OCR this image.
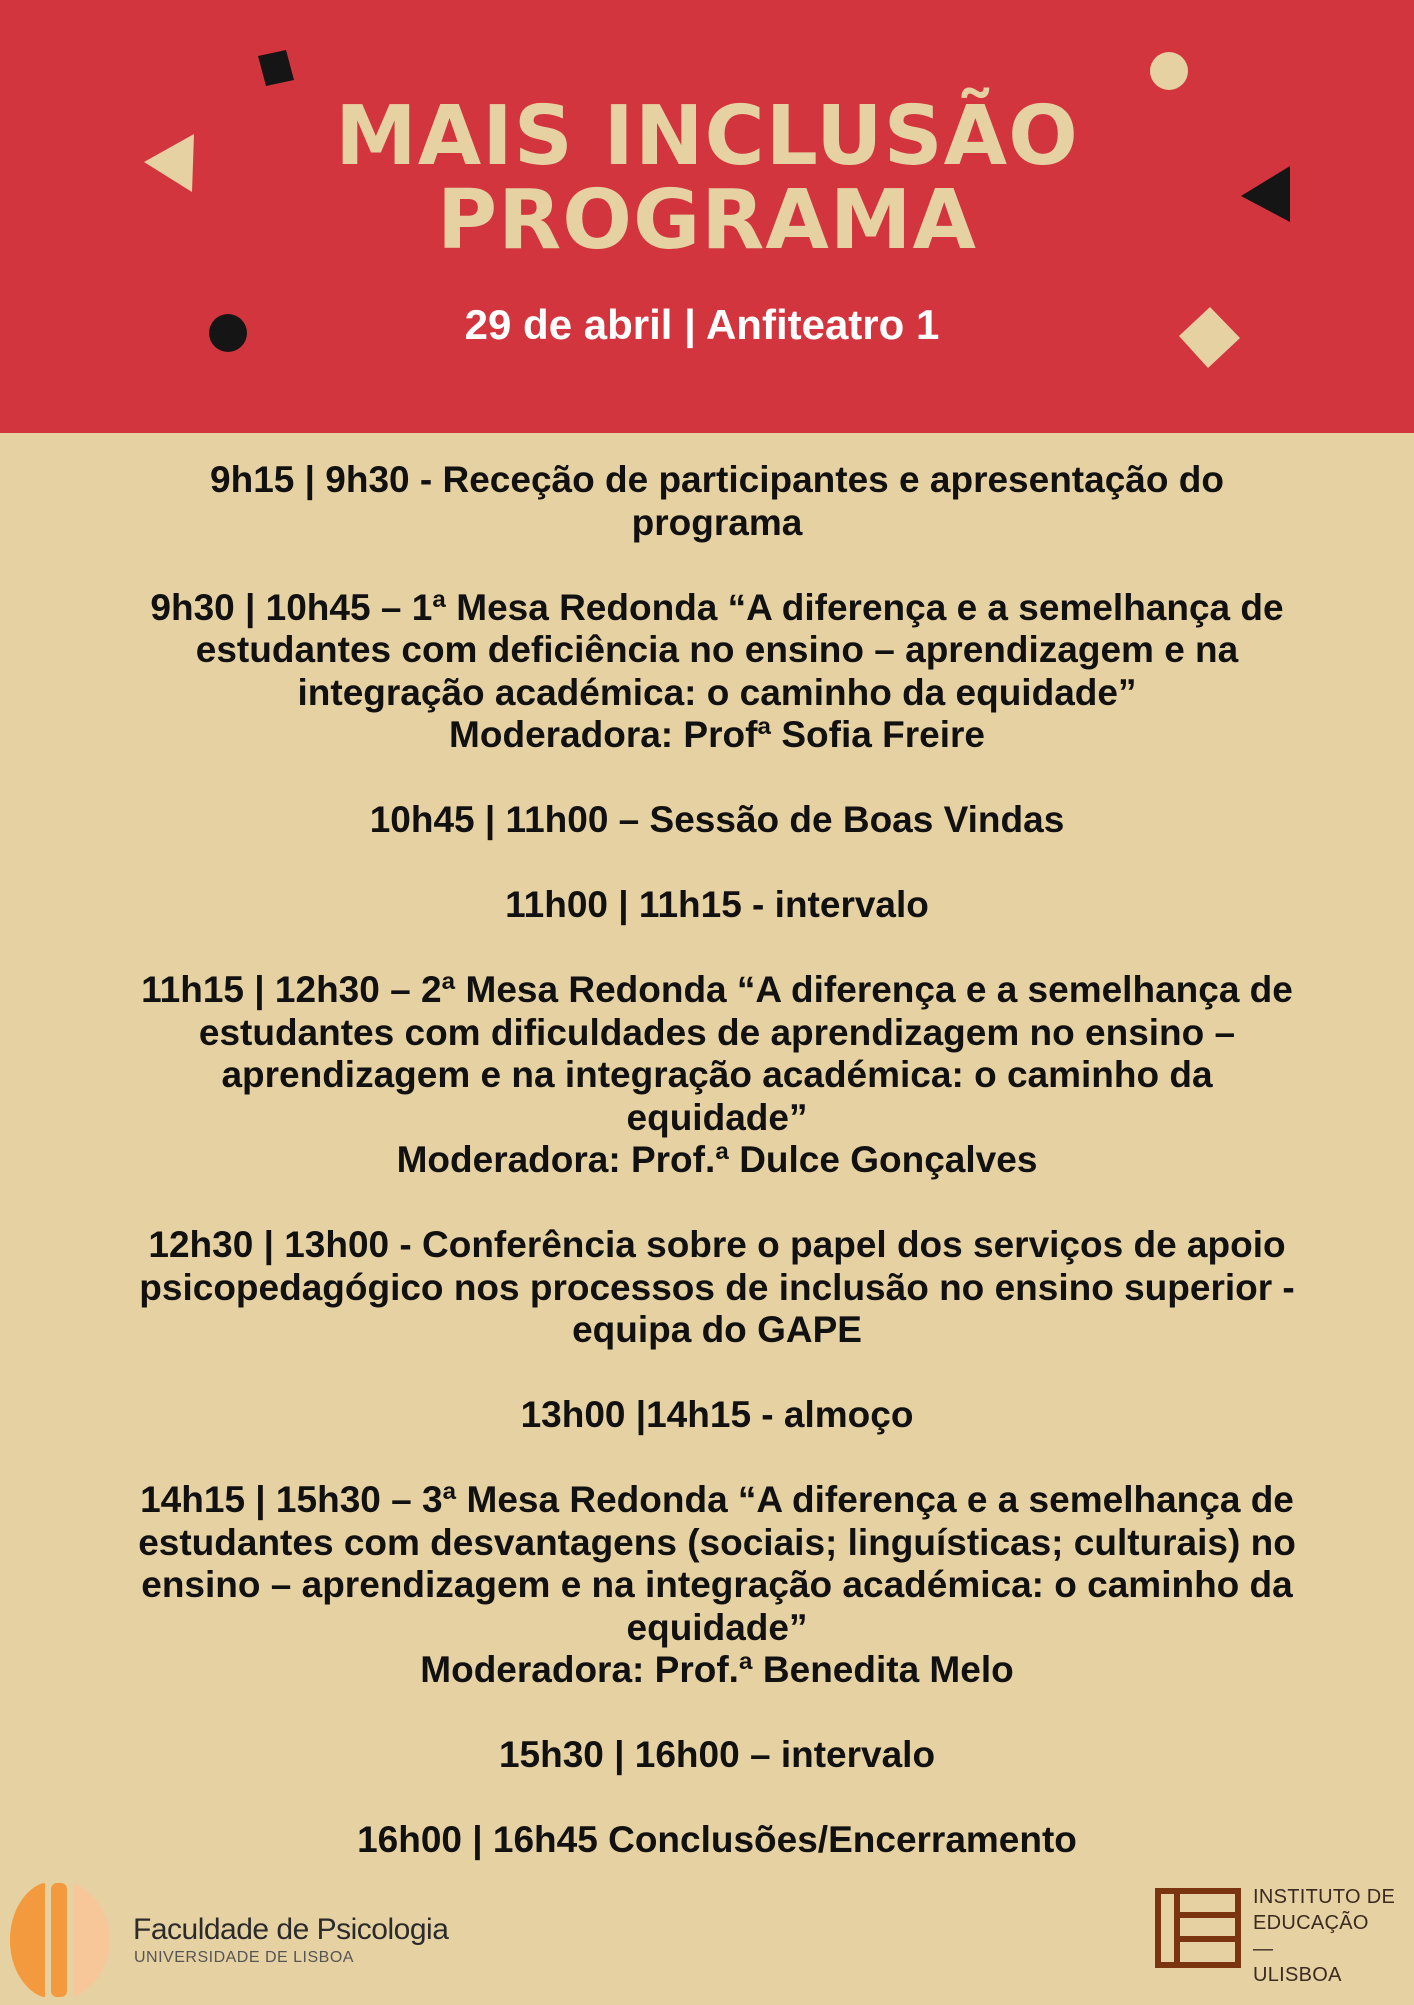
MAIS INCLUSÃO
PROGRAMA
29 de abril | Anfiteatro 1
9h15 | 9h30 - Receção de participantes e apresentação do
programa
9h30 | 10h45 – 1ª Mesa Redonda “A diferença e a semelhança de
estudantes com deficiência no ensino – aprendizagem e na
integração académica: o caminho da equidade”
Moderadora: Profª Sofia Freire
10h45 | 11h00 – Sessão de Boas Vindas
11h00 | 11h15 - intervalo
11h15 | 12h30 – 2ª Mesa Redonda “A diferença e a semelhança de
estudantes com dificuldades de aprendizagem no ensino –
aprendizagem e na integração académica: o caminho da
equidade”
Moderadora: Prof.ª Dulce Gonçalves
12h30 | 13h00 - Conferência sobre o papel dos serviços de apoio
psicopedagógico nos processos de inclusão no ensino superior -
equipa do GAPE
13h00 |14h15 - almoço
14h15 | 15h30 – 3ª Mesa Redonda “A diferença e a semelhança de
estudantes com desvantagens (sociais; linguísticas; culturais) no
ensino – aprendizagem e na integração académica: o caminho da
equidade”
Moderadora: Prof.ª Benedita Melo
15h30 | 16h00 – intervalo
16h00 | 16h45 Conclusões/Encerramento
Faculdade de Psicologia
UNIVERSIDADE DE LISBOA
INSTITUTO DE
EDUCAÇÃO
—
ULISBOA
